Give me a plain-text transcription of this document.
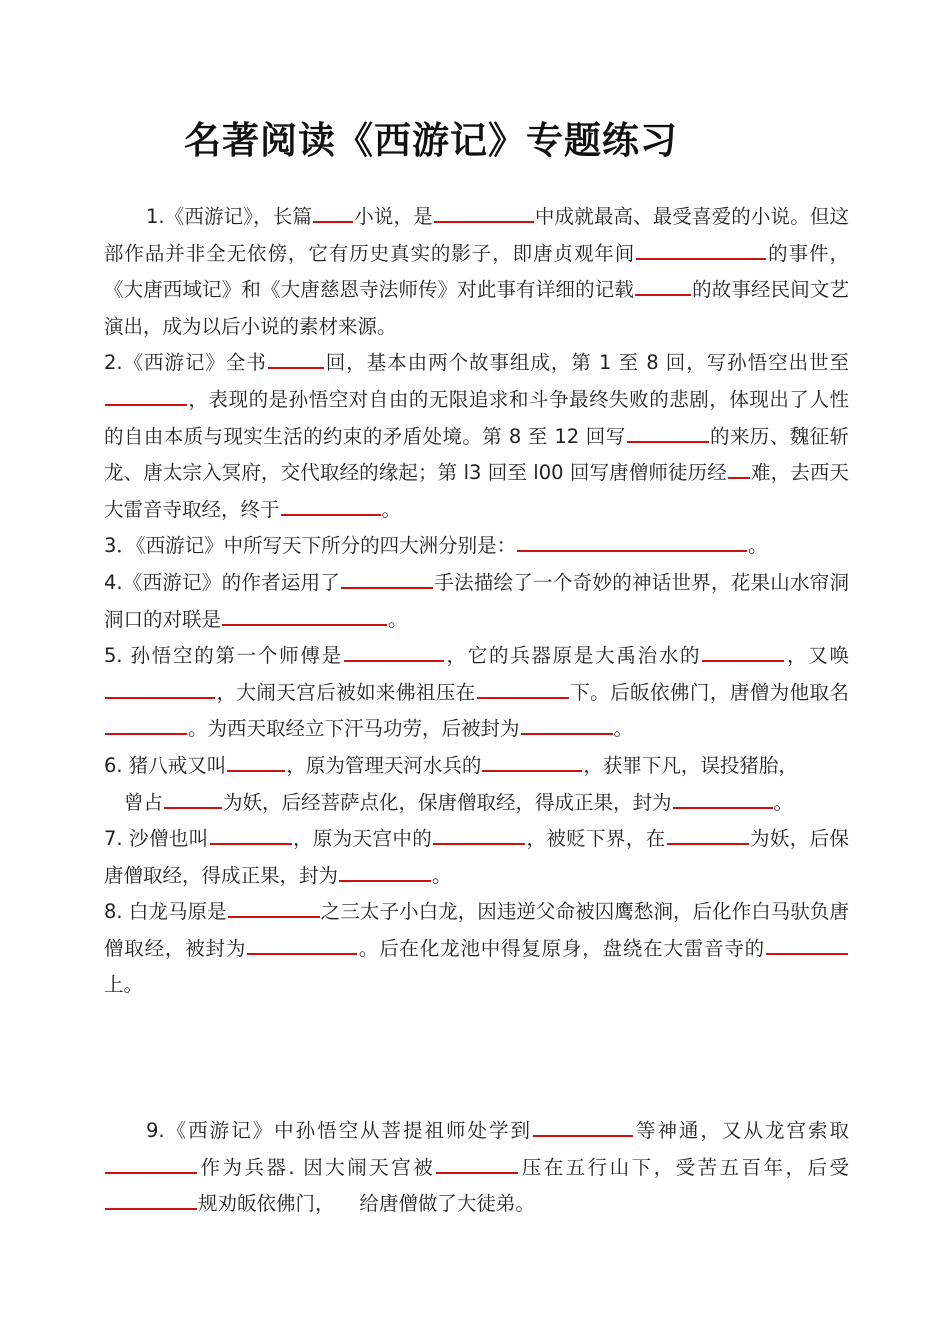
名著阅读《西游记》专题练习

1.《西游记》，长篇 小说，是	中成就最高、最受喜爱的小说。但这部作品并非全无依傍，它有历史真实的影子，即唐贞观年间	的事件，《大唐西域记》和《大唐慈恩寺法师传》对此事有详细的记载	的故事经民间文艺演出，成为以后小说的素材来源。

2.《西游记》全书	回，基本由两个故事组成，第 1 至 8 回，写孙悟空出世至，表现的是孙悟空对自由的无限追求和斗争最终失败的悲剧，体现出了人性的自由本质与现实生活的约束的矛盾处境。第 8 至 12 回写	的来历、魏征斩龙、唐太宗入冥府，交代取经的缘起；第 l3 回至 l00 回写唐僧师徒历经 难，去西天大雷音寺取经，终于	。

3．《西游记》中所写天下所分的四大洲分别是：	。

4.《西游记》的作者运用了	手法描绘了一个奇妙的神话世界，花果山水帘洞洞口的对联是	。

5. 孙悟空的第一个师傅是	，它的兵器原是大禹治水的	，又唤，大闹天宫后被如来佛祖压在	下。后皈依佛门，唐僧为他取名。为西天取经立下汗马功劳，后被封为	。

6. 猪八戒又叫	，原为管理天河水兵的	，获罪下凡，误投猪胎，

曾占	为妖，后经菩萨点化，保唐僧取经，得成正果，封为	。

7. 沙僧也叫	，原为天宫中的	，被贬下界，在	为妖，后保唐僧取经，得成正果，封为	。

8. 白龙马原是	之三太子小白龙，因违逆父命被囚鹰愁涧，后化作白马驮负唐僧取经，被封为	。后在化龙池中得复原身，盘绕在大雷音寺的上。

9.《西游记》中孙悟空从菩提祖师处学到	等神通，又从龙宫索取作为兵器. 因大闹天宫被	压在五行山下，受苦五百年，后受规劝皈依佛门， 给唐僧做了大徒弟。
